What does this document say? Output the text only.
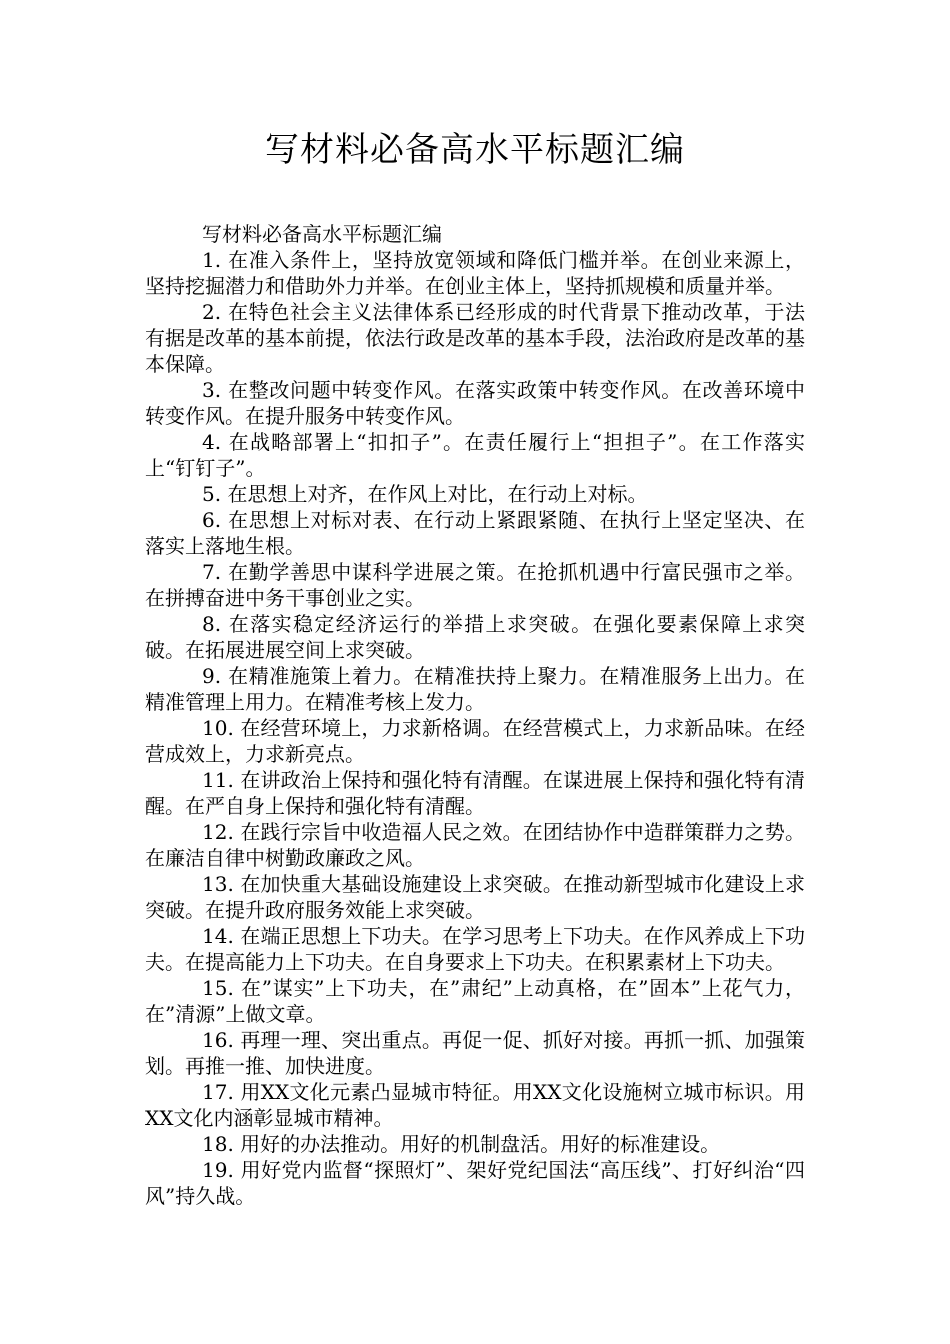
写材料必备高水平标题汇编
写材料必备高水平标题汇编
1. 在准入条件上，坚持放宽领域和降低门槛并举。在创业来源上，坚持挖掘潜力和借助外力并举。在创业主体上，坚持抓规模和质量并举。
2. 在特色社会主义法律体系已经形成的时代背景下推动改革，于法有据是改革的基本前提，依法行政是改革的基本手段，法治政府是改革的基本保障。
3. 在整改问题中转变作风。在落实政策中转变作风。在改善环境中转变作风。在提升服务中转变作风。
4. 在战略部署上“扣扣子”。在责任履行上“担担子”。在工作落实上“钉钉子”。
5. 在思想上对齐，在作风上对比，在行动上对标。
6. 在思想上对标对表、在行动上紧跟紧随、在执行上坚定坚决、在落实上落地生根。
7. 在勤学善思中谋科学进展之策。在抢抓机遇中行富民强市之举。在拼搏奋进中务干事创业之实。
8. 在落实稳定经济运行的举措上求突破。在强化要素保障上求突破。在拓展进展空间上求突破。
9. 在精准施策上着力。在精准扶持上聚力。在精准服务上出力。在精准管理上用力。在精准考核上发力。
10. 在经营环境上，力求新格调。在经营模式上，力求新品味。在经营成效上，力求新亮点。
11. 在讲政治上保持和强化特有清醒。在谋进展上保持和强化特有清醒。在严自身上保持和强化特有清醒。
12. 在践行宗旨中收造福人民之效。在团结协作中造群策群力之势。在廉洁自律中树勤政廉政之风。
13. 在加快重大基础设施建设上求突破。在推动新型城市化建设上求突破。在提升政府服务效能上求突破。
14. 在端正思想上下功夫。在学习思考上下功夫。在作风养成上下功夫。在提高能力上下功夫。在自身要求上下功夫。在积累素材上下功夫。
15. 在”谋实”上下功夫，在”肃纪”上动真格，在”固本”上花气力，在”清源”上做文章。
16. 再理一理、突出重点。再促一促、抓好对接。再抓一抓、加强策划。再推一推、加快进度。
17. 用XX文化元素凸显城市特征。用XX文化设施树立城市标识。用XX文化内涵彰显城市精神。
18. 用好的办法推动。用好的机制盘活。用好的标准建设。
19. 用好党内监督“探照灯”、架好党纪国法“高压线”、打好纠治“四风”持久战。
